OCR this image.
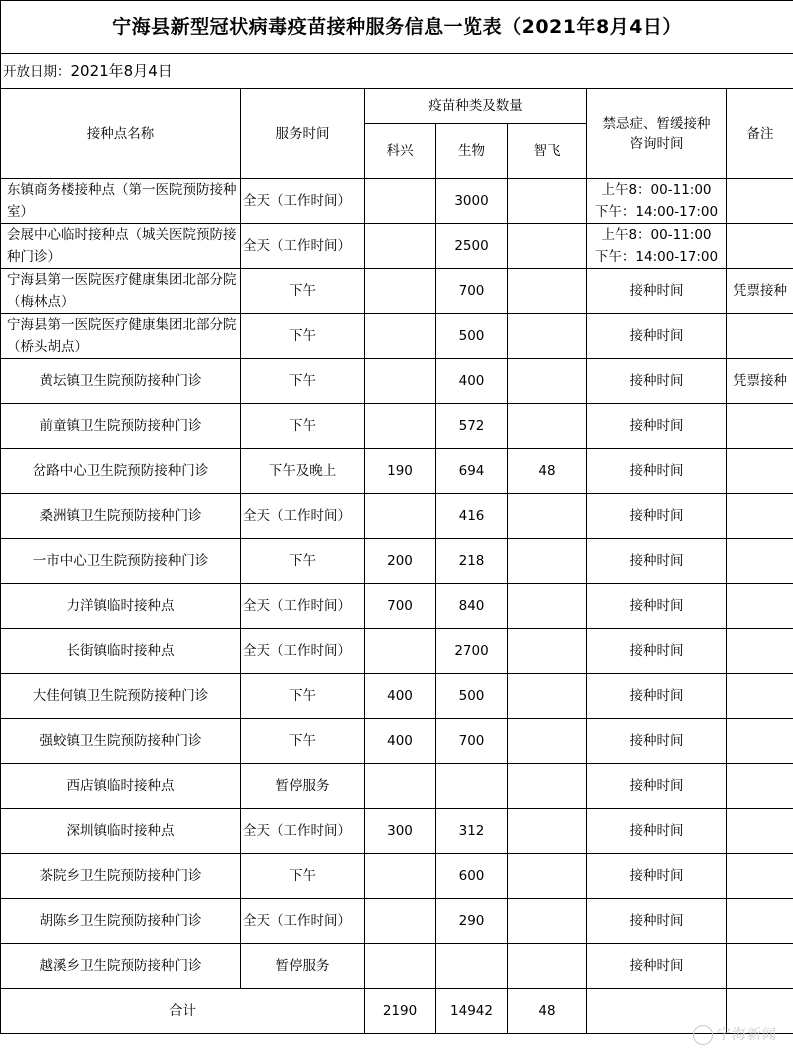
宁海县新型冠状病毒疫苗接种服务信息一览表（2021年8月4日）						
开放日期：2021年8月4日						
接种点名称	服务时间	疫苗种类及数量			禁忌症、暂缓接种咨询时间	备注
		科兴	生物	智飞		
东镇商务楼接种点（第一医院预防接种室）	全天（工作时间）		3000		上午8：00-11:00
下午：14:00-17:00	

会展中心临时接种点（城关医院预防接种门诊）	全天（工作时间）		2500		上午8：00-11:00
下午：14:00-17:00	

宁海县第一医院医疗健康集团北部分院（梅林点）	下午		700		接种时间	凭票接种
宁海县第一医院医疗健康集团北部分院（桥头胡点）	下午		500		接种时间	
黄坛镇卫生院预防接种门诊	下午		400		接种时间	凭票接种
前童镇卫生院预防接种门诊	下午		572		接种时间	
岔路中心卫生院预防接种门诊	下午及晚上	190	694	48	接种时间	
桑洲镇卫生院预防接种门诊	全天（工作时间）		416		接种时间	
一市中心卫生院预防接种门诊	下午	200	218		接种时间	
力洋镇临时接种点	全天（工作时间）	700	840		接种时间	
长街镇临时接种点	全天（工作时间）		2700		接种时间	
大佳何镇卫生院预防接种门诊	下午	400	500		接种时间	
强蛟镇卫生院预防接种门诊	下午	400	700		接种时间	
西店镇临时接种点	暂停服务				接种时间	
深圳镇临时接种点	全天（工作时间）	300	312		接种时间	
茶院乡卫生院预防接种门诊	下午		600		接种时间	
胡陈乡卫生院预防接种门诊	全天（工作时间）		290		接种时间	
越溪乡卫生院预防接种门诊	暂停服务				接种时间	
合计		2190	14942	48		
宁海新闻
